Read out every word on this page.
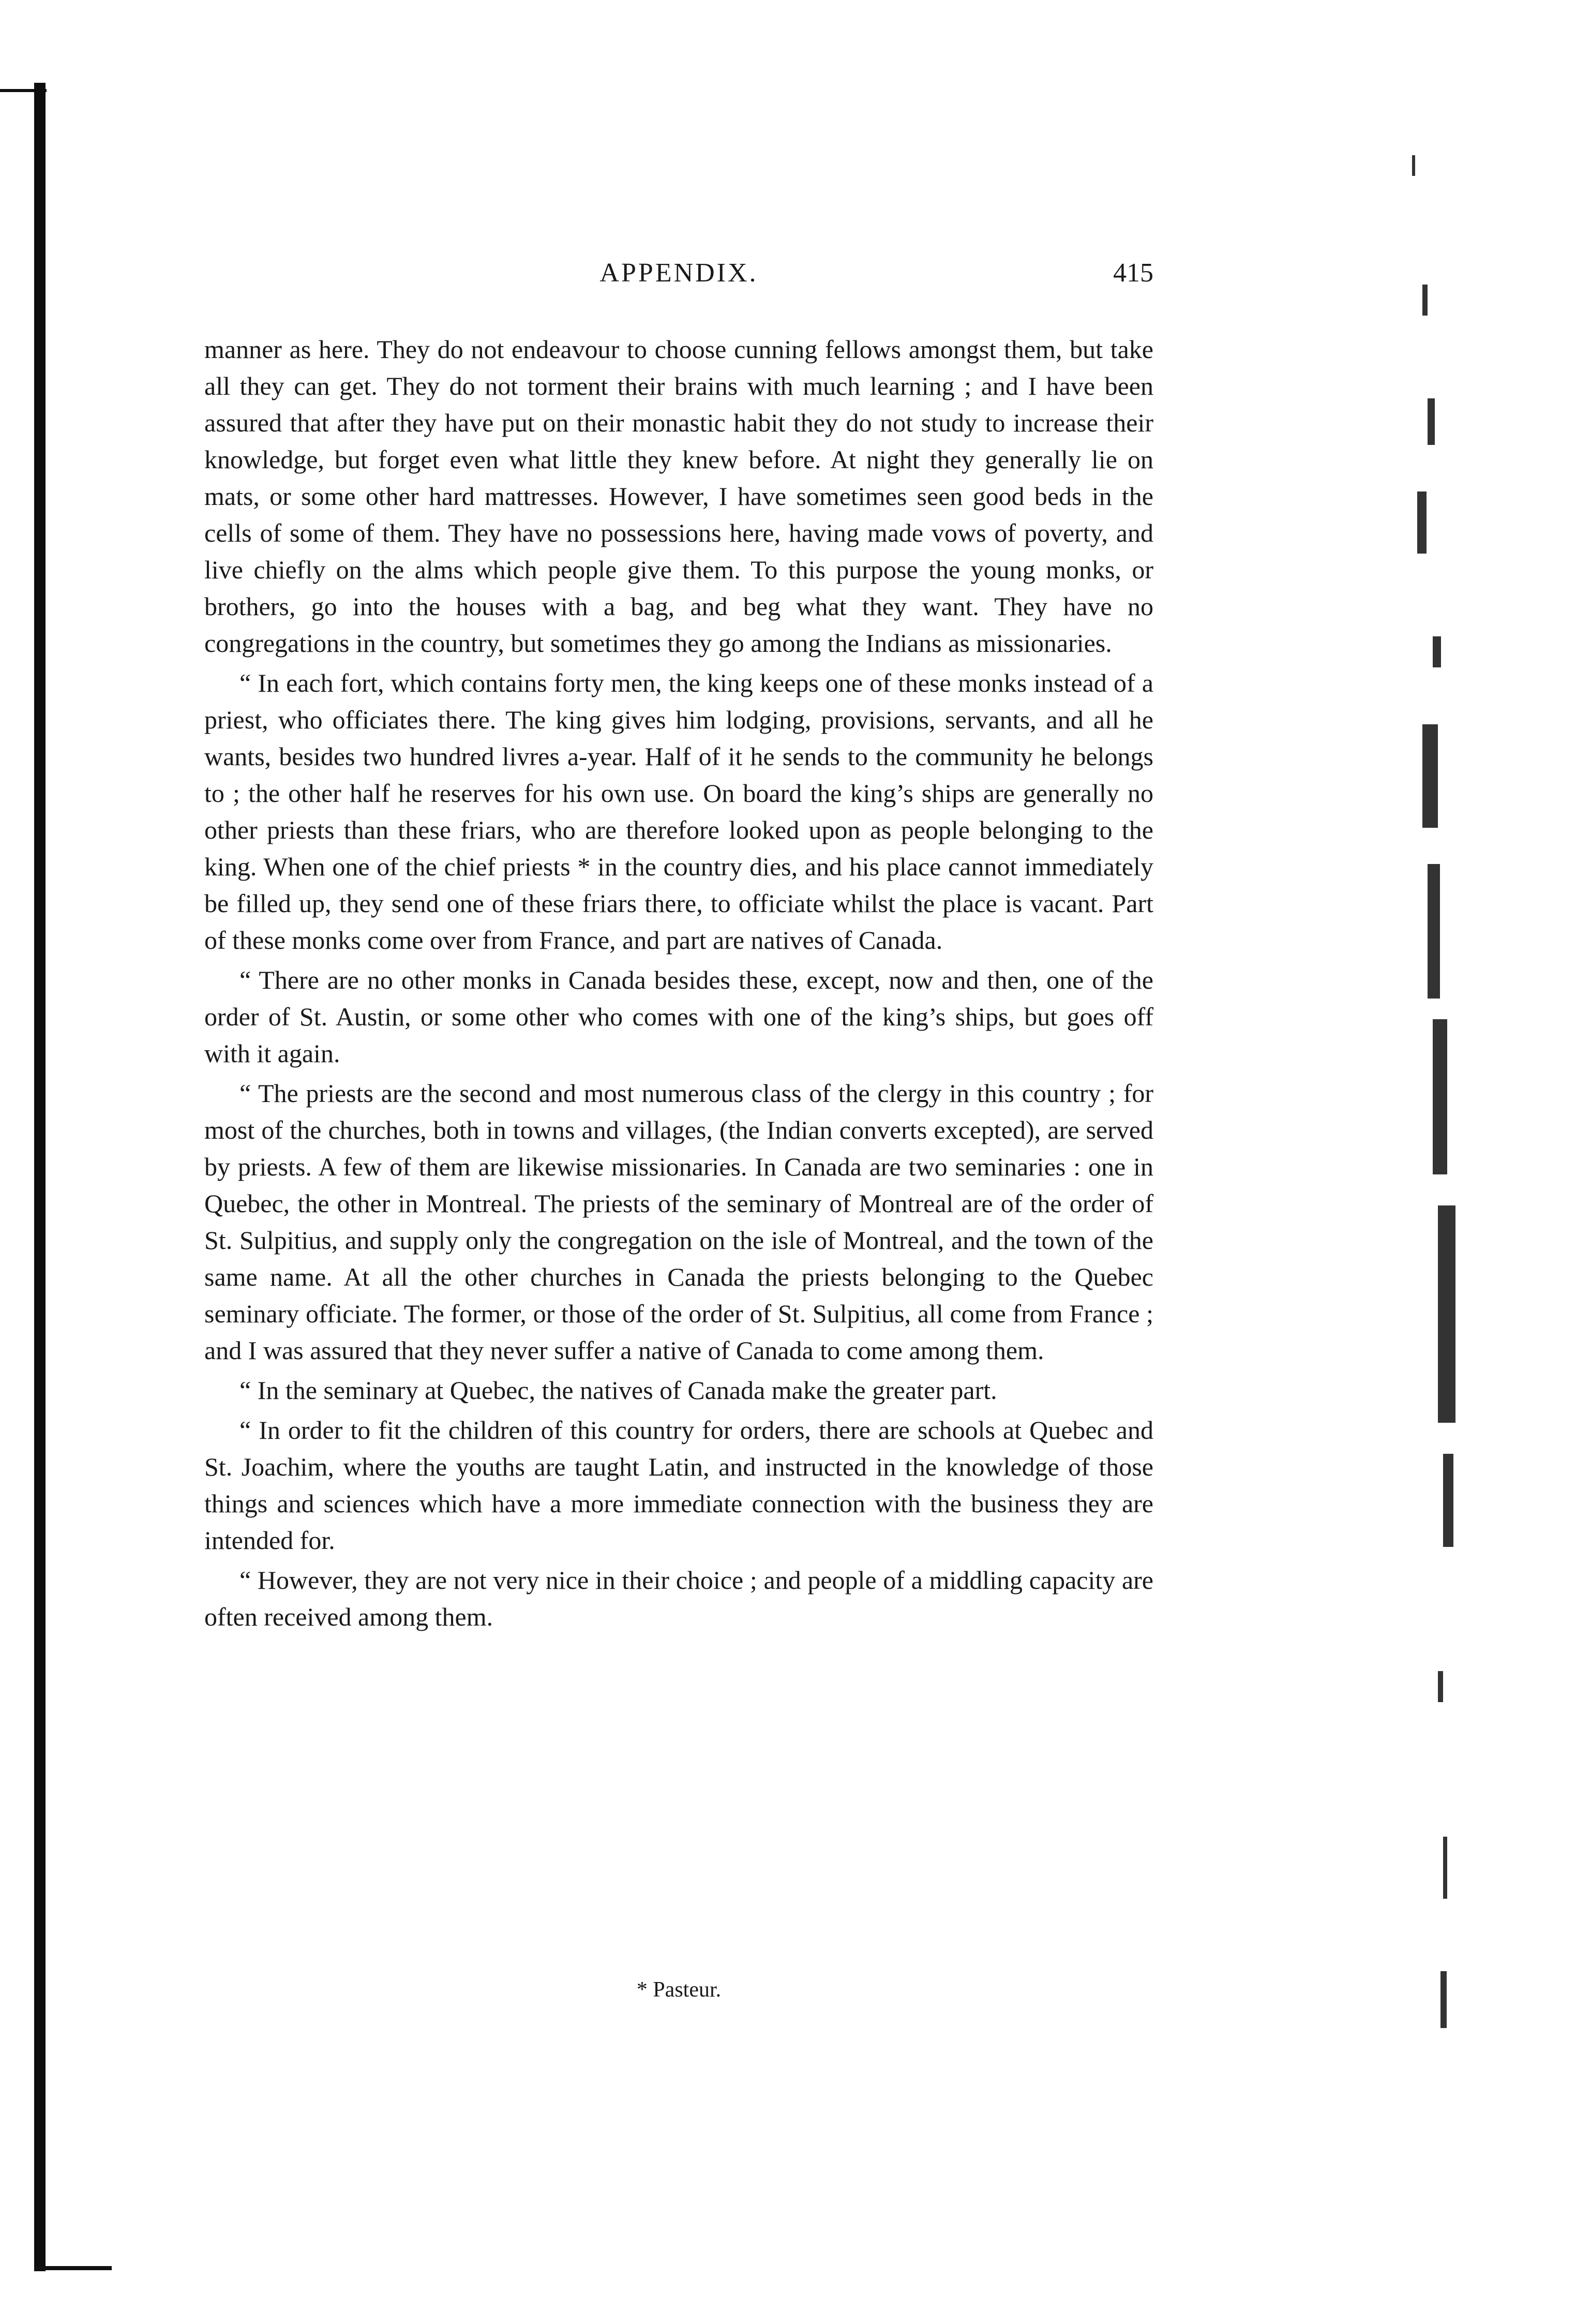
APPENDIX.	415

manner as here. They do not endeavour to choose cunning fellows amongst them, but take all they can get. They do not torment their brains with much learning ; and I have been assured that after they have put on their monastic habit they do not study to increase their knowledge, but forget even what little they knew before. At night they generally lie on mats, or some other hard mattresses. However, I have sometimes seen good beds in the cells of some of them. They have no possessions here, having made vows of poverty, and live chiefly on the alms which people give them. To this purpose the young monks, or brothers, go into the houses with a bag, and beg what they want. They have no congregations in the country, but sometimes they go among the Indians as missionaries.

“ In each fort, which contains forty men, the king keeps one of these monks instead of a priest, who officiates there. The king gives him lodging, provisions, servants, and all he wants, besides two hundred livres a-year. Half of it he sends to the community he belongs to ; the other half he reserves for his own use. On board the king’s ships are generally no other priests than these friars, who are therefore looked upon as people belonging to the king. When one of the chief priests * in the country dies, and his place cannot immediately be filled up, they send one of these friars there, to officiate whilst the place is vacant. Part of these monks come over from France, and part are natives of Canada.

“ There are no other monks in Canada besides these, except, now and then, one of the order of St. Austin, or some other who comes with one of the king’s ships, but goes off with it again.

“ The priests are the second and most numerous class of the clergy in this country ; for most of the churches, both in towns and villages, (the Indian converts excepted), are served by priests. A few of them are likewise missionaries. In Canada are two seminaries : one in Quebec, the other in Montreal. The priests of the seminary of Montreal are of the order of St. Sulpitius, and supply only the congregation on the isle of Montreal, and the town of the same name. At all the other churches in Canada the priests belonging to the Quebec seminary officiate. The former, or those of the order of St. Sulpitius, all come from France ; and I was assured that they never suffer a native of Canada to come among them.

“ In the seminary at Quebec, the natives of Canada make the greater part.

“ In order to fit the children of this country for orders, there are schools at Quebec and St. Joachim, where the youths are taught Latin, and instructed in the knowledge of those things and sciences which have a more immediate connection with the business they are intended for.

“ However, they are not very nice in their choice ; and people of a middling capacity are often received among them.

* Pasteur.
